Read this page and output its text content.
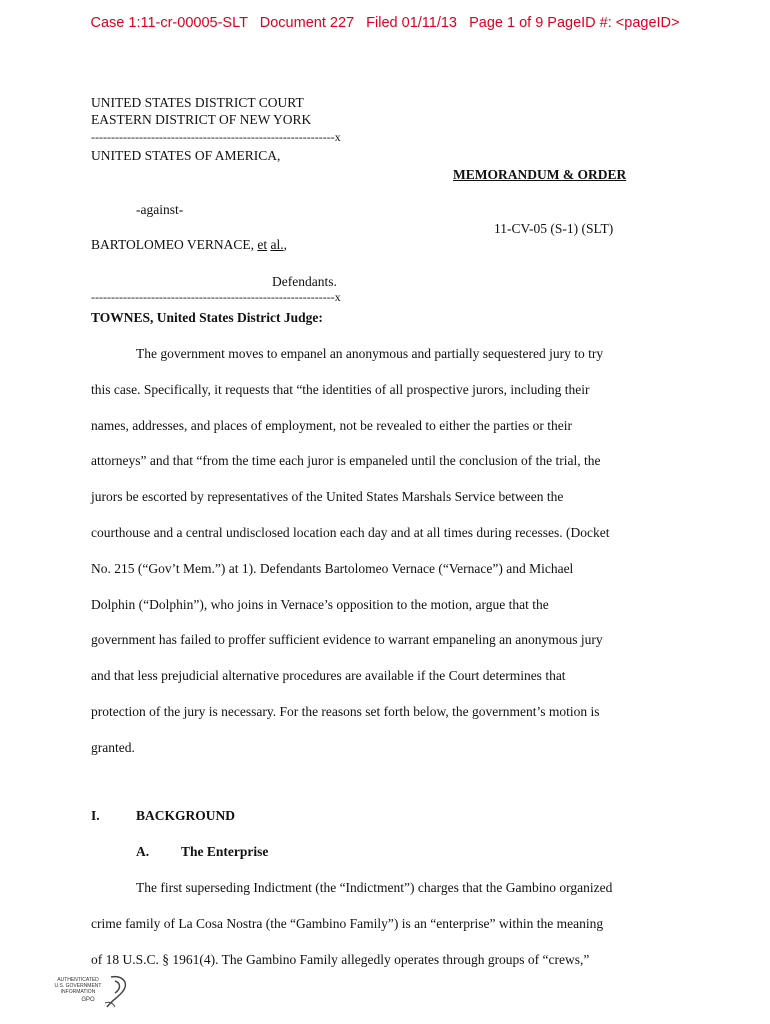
Case 1:11-cr-00005-SLT Document 227 Filed 01/11/13 Page 1 of 9 PageID #: <pageID>
UNITED STATES DISTRICT COURT
EASTERN DISTRICT OF NEW YORK
-------------------------------------------------------------x
UNITED STATES OF AMERICA,
MEMORANDUM & ORDER
-against-
11-CV-05 (S-1) (SLT)
BARTOLOMEO VERNACE, et al.,
Defendants.
-------------------------------------------------------------x
TOWNES, United States District Judge:
The government moves to empanel an anonymous and partially sequestered jury to try
this case. Specifically, it requests that “the identities of all prospective jurors, including their
names, addresses, and places of employment, not be revealed to either the parties or their
attorneys” and that “from the time each juror is empaneled until the conclusion of the trial, the
jurors be escorted by representatives of the United States Marshals Service between the
courthouse and a central undisclosed location each day and at all times during recesses. (Docket
No. 215 (“Gov’t Mem.”) at 1). Defendants Bartolomeo Vernace (“Vernace”) and Michael
Dolphin (“Dolphin”), who joins in Vernace’s opposition to the motion, argue that the
government has failed to proffer sufficient evidence to warrant empaneling an anonymous jury
and that less prejudicial alternative procedures are available if the Court determines that
protection of the jury is necessary. For the reasons set forth below, the government’s motion is
granted.
I.	BACKGROUND
A. The Enterprise
The first superseding Indictment (the “Indictment”) charges that the Gambino organized
crime family of La Cosa Nostra (the “Gambino Family”) is an “enterprise” within the meaning
of 18 U.S.C. § 1961(4). The Gambino Family allegedly operates through groups of “crews,”
AUTHENTICATED
U.S. GOVERNMENT
INFORMATION
GPO
